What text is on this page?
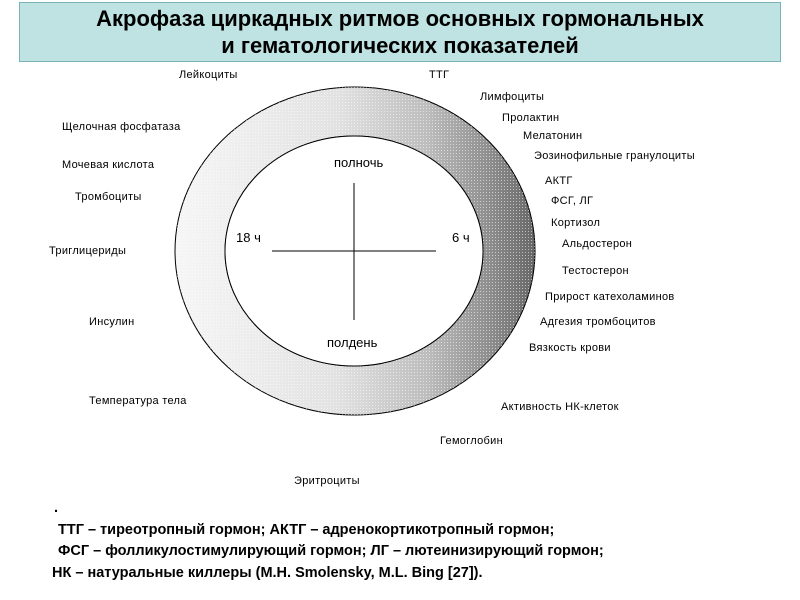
Акрофаза циркадных ритмов основных гормональных
и гематологических показателей
полночь
полдень
18 ч	6 ч
Лейкоциты	ТТГ
Лимфоциты
Пролактин
Мелатонин
Эозинофильные гранулоциты
АКТГ
ФСГ, ЛГ
Кортизол
Альдостерон
Тестостерон
Прирост катехоламинов
Адгезия тромбоцитов
Вязкость крови
Активность НК-клеток
Гемоглобин
Эритроциты
Температура тела
Инсулин
Триглицериды
Тромбоциты
Мочевая кислота
Щелочная фосфатаза
.
ТТГ – тиреотропный гормон; АКТГ – адренокортикотропный гормон;
ФСГ – фолликулостимулирующий гормон; ЛГ – лютеинизирующий гормон;
НК – натуральные киллеры (M.H. Smolensky, M.L. Bing [27]).
